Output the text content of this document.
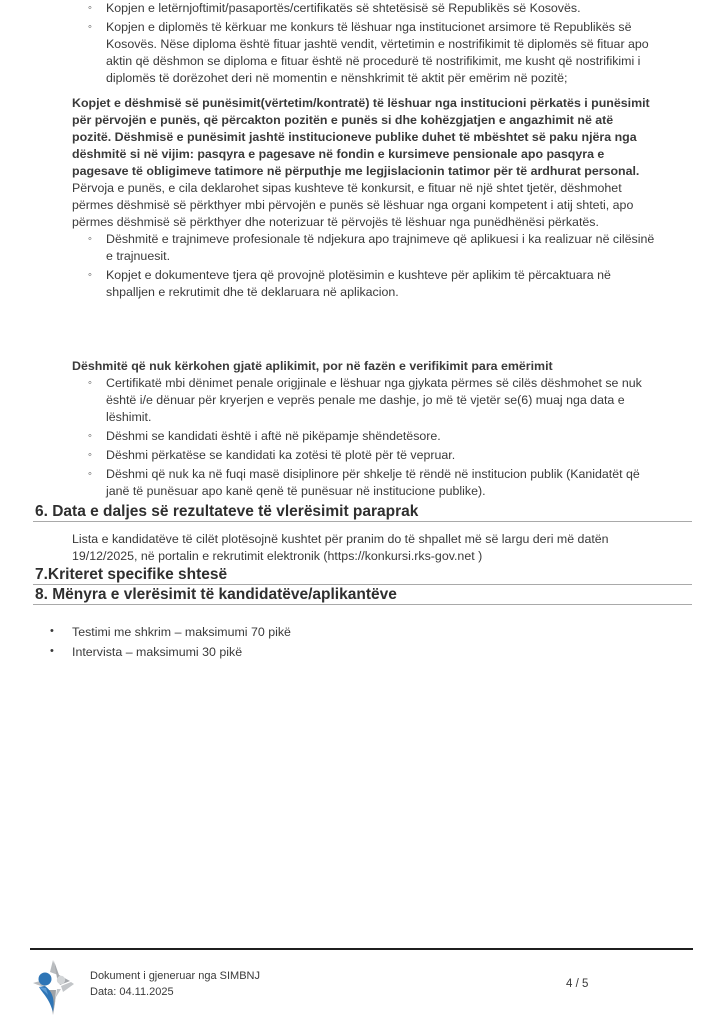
◦ Kopjen e letërnjoftimit/pasaportës/certifikatës së shtetësisë së Republikës së Kosovës.
◦ Kopjen e diplomës të kërkuar me konkurs të lëshuar nga institucionet arsimore të Republikës së Kosovës. Nëse diploma është fituar jashtë vendit, vërtetimin e nostrifikimit të diplomës së fituar apo aktin që dëshmon se diploma e fituar është në procedurë të nostrifikimit, me kusht që nostrifikimi i diplomës të dorëzohet deri në momentin e nënshkrimit të aktit për emërim në pozitë;

Kopjet e dëshmisë së punësimit(vërtetim/kontratë) të lëshuar nga institucioni përkatës i punësimit për përvojën e punës, që përcakton pozitën e punës si dhe kohëzgjatjen e angazhimit në atë pozitë. Dëshmisë e punësimit jashtë institucioneve publike duhet të mbështet së paku njëra nga dëshmitë si në vijim: pasqyra e pagesave në fondin e kursimeve pensionale apo pasqyra e pagesave të obligimeve tatimore në përputhje me legjislacionin tatimor për të ardhurat personal. Përvoja e punës, e cila deklarohet sipas kushteve të konkursit, e fituar në një shtet tjetër, dëshmohet përmes dëshmisë së përkthyer mbi përvojën e punës së lëshuar nga organi kompetent i atij shteti, apo përmes dëshmisë së përkthyer dhe noterizuar të përvojës të lëshuar nga punëdhënësi përkatës.

◦ Dëshmitë e trajnimeve profesionale të ndjekura apo trajnimeve që aplikuesi i ka realizuar në cilësinë e trajnuesit.
◦ Kopjet e dokumenteve tjera që provojnë plotësimin e kushteve për aplikim të përcaktuara në shpalljen e rekrutimit dhe të deklaruara në aplikacion.

Dëshmitë që nuk kërkohen gjatë aplikimit, por në fazën e verifikimit para emërimit

◦ Certifikatë mbi dënimet penale origjinale e lëshuar nga gjykata përmes së cilës dëshmohet se nuk është i/e dënuar për kryerjen e veprës penale me dashje, jo më të vjetër se(6) muaj nga data e lëshimit.
◦ Dëshmi se kandidati është i aftë në pikëpamje shëndetësore.
◦ Dëshmi përkatëse se kandidati ka zotësi të plotë për të vepruar.
◦ Dëshmi që nuk ka në fuqi masë disiplinore për shkelje të rëndë në institucion publik (Kanidatët që janë të punësuar apo kanë qenë të punësuar në institucione publike).
6. Data e daljes së rezultateve të vlerësimit paraprak

Lista e kandidatëve të cilët plotësojnë kushtet për pranim do të shpallet më së largu deri më datën 19/12/2025, në portalin e rekrutimit elektronik (https://konkursi.rks-gov.net )

7.Kriteret specifike shtesë
8. Mënyra e vlerësimit të kandidatëve/aplikantëve
• Testimi me shkrim – maksimumi 70 pikë
• Intervista – maksimumi 30 pikë
Dokument i gjeneruar nga SIMBNJ
Data: 04.11.2025
4 / 5
